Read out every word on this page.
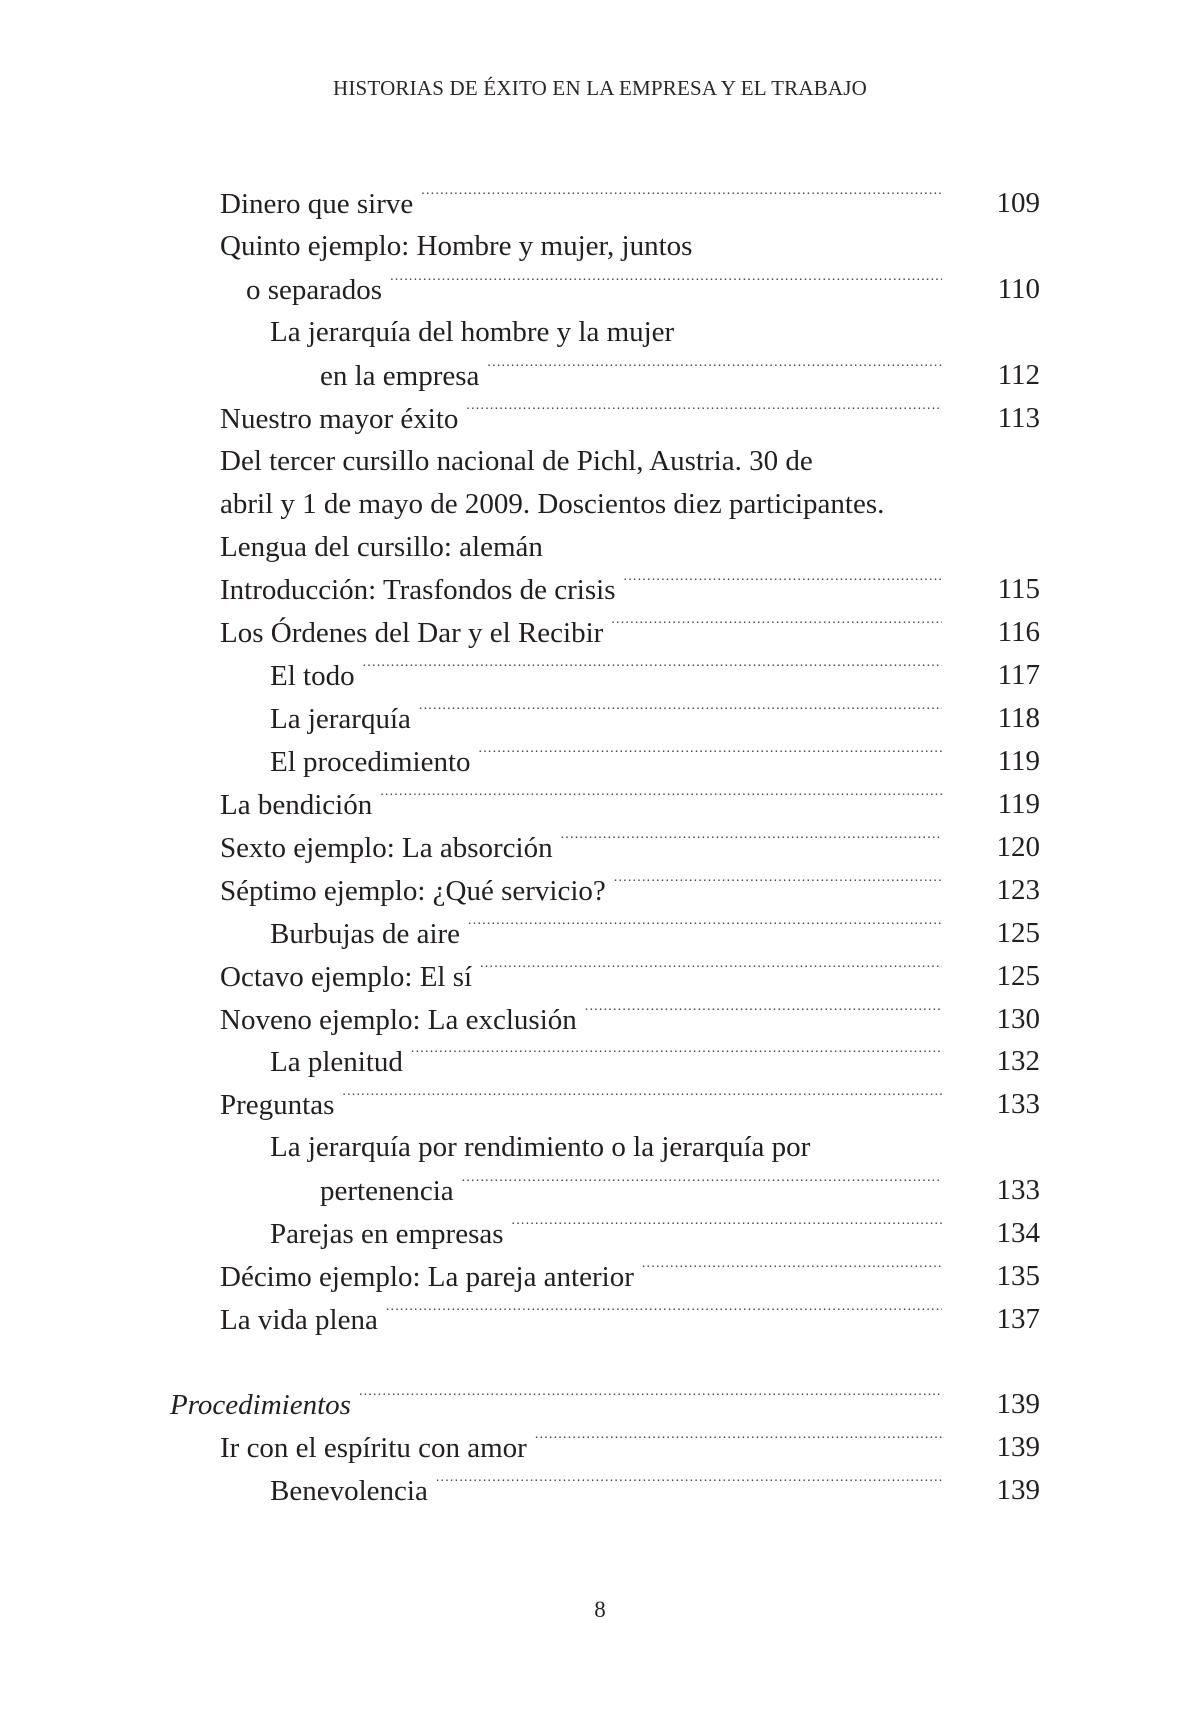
HISTORIAS DE ÉXITO EN LA EMPRESA Y EL TRABAJO
Dinero que sirve .....	109
Quinto ejemplo: Hombre y mujer, juntos
o separados .....	110
La jerarquía del hombre y la mujer
en la empresa .....	112
Nuestro mayor éxito .....	113
Del tercer cursillo nacional de Pichl, Austria. 30 de
abril y 1 de mayo de 2009. Doscientos diez participantes.
Lengua del cursillo: alemán
Introducción: Trasfondos de crisis .....	115
Los Órdenes del Dar y el Recibir .....	116
El todo .....	117
La jerarquía .....	118
El procedimiento .....	119
La bendición .....	119
Sexto ejemplo: La absorción .....	120
Séptimo ejemplo: ¿Qué servicio? .....	123
Burbujas de aire .....	125
Octavo ejemplo: El sí .....	125
Noveno ejemplo: La exclusión .....	130
La plenitud .....	132
Preguntas .....	133
La jerarquía por rendimiento o la jerarquía por
pertenencia .....	133
Parejas en empresas .....	134
Décimo ejemplo: La pareja anterior .....	135
La vida plena .....	137
Procedimientos .....	139
Ir con el espíritu con amor .....	139
Benevolencia .....	139
8
